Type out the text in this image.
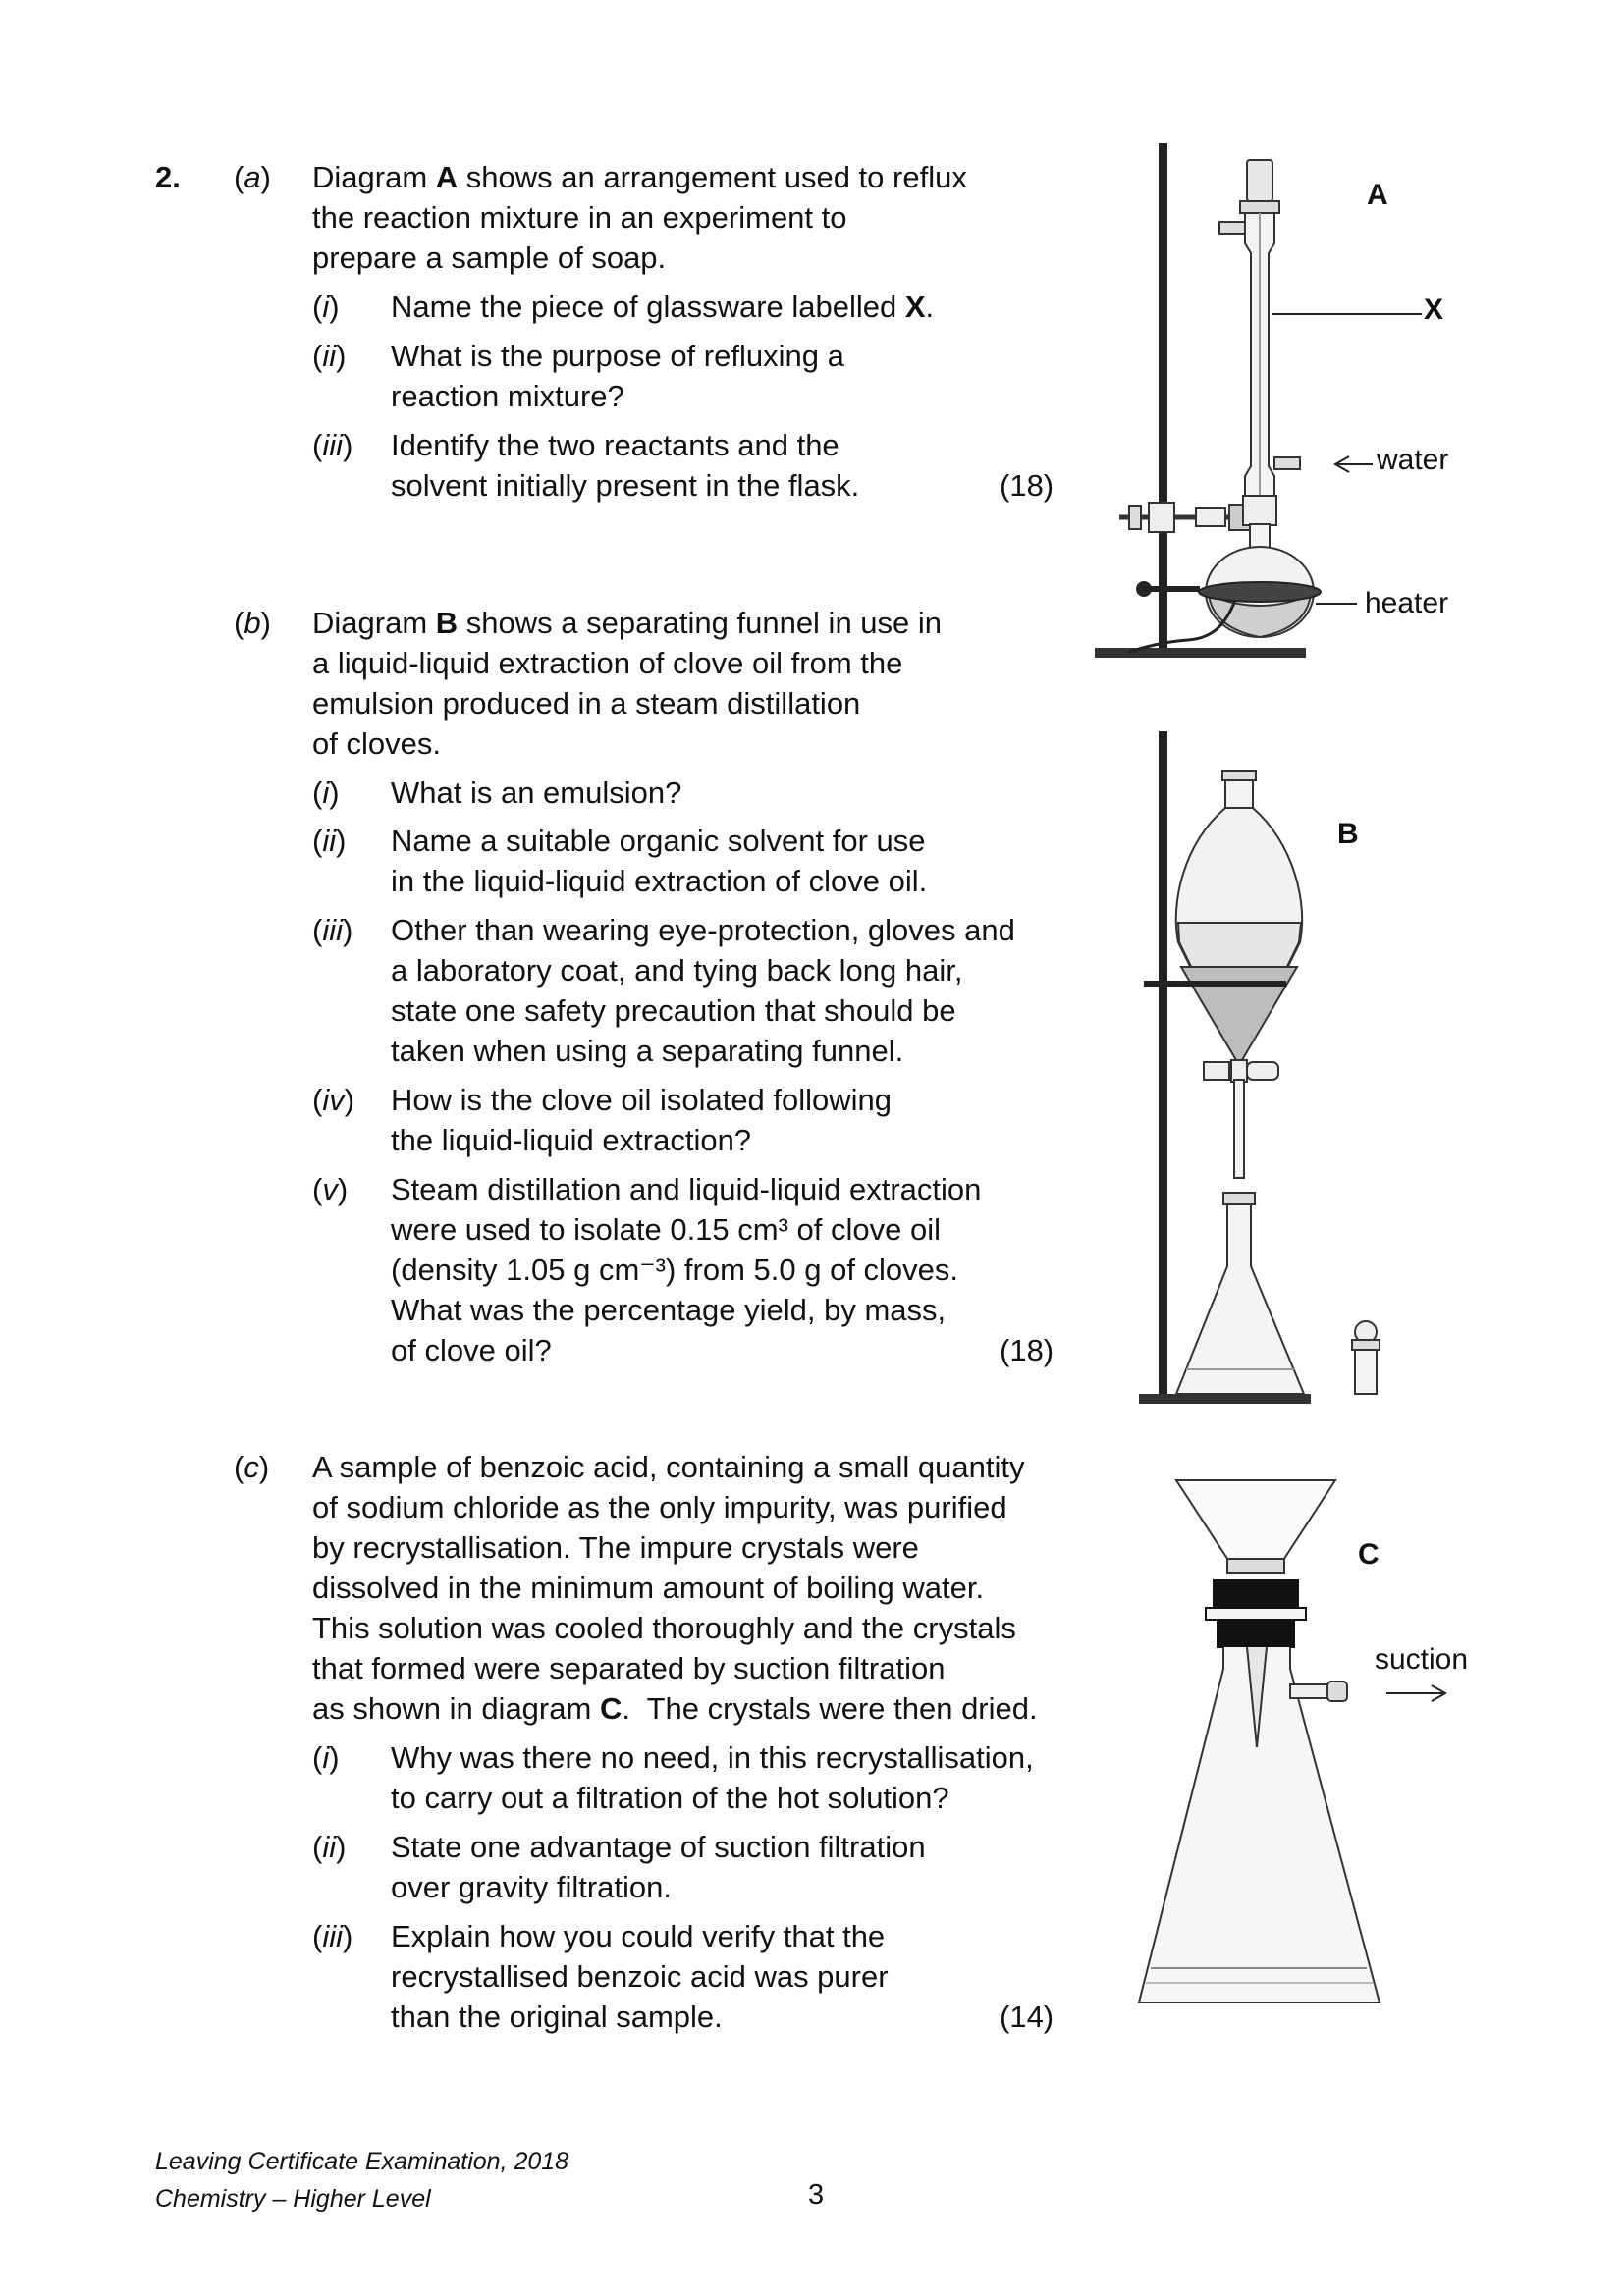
2. (a) Diagram A shows an arrangement used to reflux
the reaction mixture in an experiment to
prepare a sample of soap.
(i) Name the piece of glassware labelled X.
(ii) What is the purpose of refluxing a
reaction mixture?
(iii) Identify the two reactants and the
solvent initially present in the flask.	(18)
(b) Diagram B shows a separating funnel in use in
a liquid-liquid extraction of clove oil from the
emulsion produced in a steam distillation
of cloves.
(i) What is an emulsion?
(ii) Name a suitable organic solvent for use
in the liquid-liquid extraction of clove oil.
(iii) Other than wearing eye-protection, gloves and
a laboratory coat, and tying back long hair,
state one safety precaution that should be
taken when using a separating funnel.
(iv) How is the clove oil isolated following
the liquid-liquid extraction?
(v) Steam distillation and liquid-liquid extraction
were used to isolate 0.15 cm³ of clove oil
(density 1.05 g cm⁻³) from 5.0 g of cloves.
What was the percentage yield, by mass,
of clove oil?	(18)
(c) A sample of benzoic acid, containing a small quantity
of sodium chloride as the only impurity, was purified
by recrystallisation. The impure crystals were
dissolved in the minimum amount of boiling water.
This solution was cooled thoroughly and the crystals
that formed were separated by suction filtration
as shown in diagram C.  The crystals were then dried.
(i) Why was there no need, in this recrystallisation,
to carry out a filtration of the hot solution?
(ii) State one advantage of suction filtration
over gravity filtration.
(iii) Explain how you could verify that the
recrystallised benzoic acid was purer
than the original sample.	(14)
A
X
water
heater
B
C
suction
Leaving Certificate Examination, 2018
Chemistry – Higher Level	3
